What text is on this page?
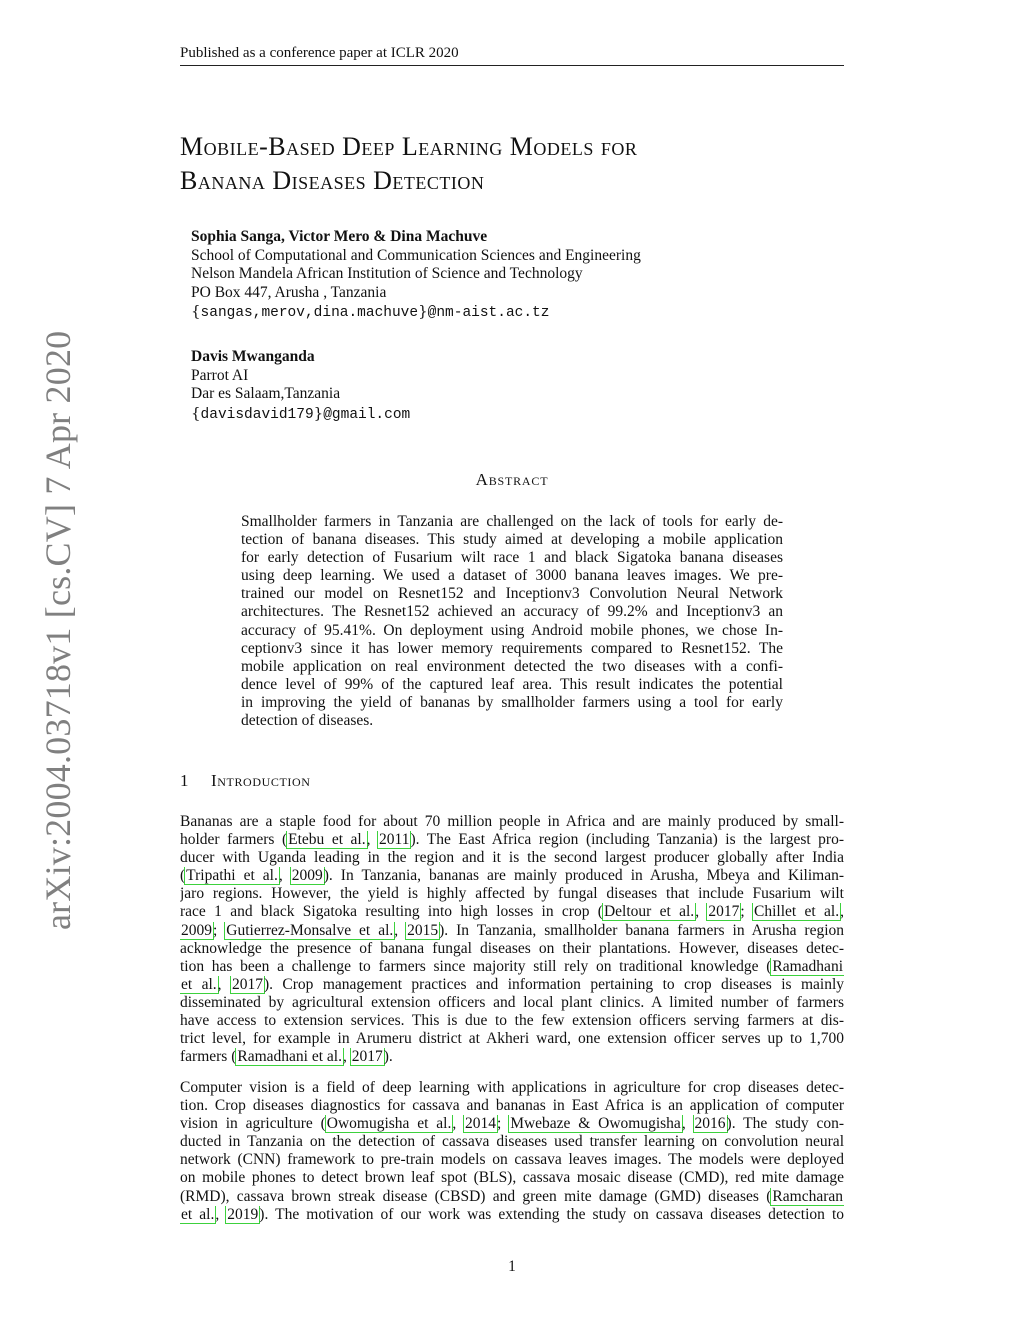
Published as a conference paper at ICLR 2020
arXiv:2004.03718v1 [cs.CV] 7 Apr 2020
Mobile-Based Deep Learning Models for
Banana Diseases Detection
Sophia Sanga, Victor Mero & Dina Machuve
School of Computational and Communication Sciences and Engineering
Nelson Mandela African Institution of Science and Technology
PO Box 447, Arusha , Tanzania
{sangas,merov,dina.machuve}@nm-aist.ac.tz
Davis Mwanganda
Parrot AI
Dar es Salaam,Tanzania
{davisdavid179}@gmail.com
Abstract
Smallholder farmers in Tanzania are challenged on the lack of tools for early de-
tection of banana diseases. This study aimed at developing a mobile application
for early detection of Fusarium wilt race 1 and black Sigatoka banana diseases
using deep learning. We used a dataset of 3000 banana leaves images. We pre-
trained our model on Resnet152 and Inceptionv3 Convolution Neural Network
architectures. The Resnet152 achieved an accuracy of 99.2% and Inceptionv3 an
accuracy of 95.41%. On deployment using Android mobile phones, we chose In-
ceptionv3 since it has lower memory requirements compared to Resnet152. The
mobile application on real environment detected the two diseases with a confi-
dence level of 99% of the captured leaf area. This result indicates the potential
in improving the yield of bananas by smallholder farmers using a tool for early
detection of diseases.
1 Introduction
Bananas are a staple food for about 70 million people in Africa and are mainly produced by small-
holder farmers (Etebu et al., 2011). The East Africa region (including Tanzania) is the largest pro-
ducer with Uganda leading in the region and it is the second largest producer globally after India
(Tripathi et al., 2009). In Tanzania, bananas are mainly produced in Arusha, Mbeya and Kiliman-
jaro regions. However, the yield is highly affected by fungal diseases that include Fusarium wilt
race 1 and black Sigatoka resulting into high losses in crop (Deltour et al., 2017; Chillet et al.,
2009; Gutierrez-Monsalve et al., 2015). In Tanzania, smallholder banana farmers in Arusha region
acknowledge the presence of banana fungal diseases on their plantations. However, diseases detec-
tion has been a challenge to farmers since majority still rely on traditional knowledge (Ramadhani
et al., 2017). Crop management practices and information pertaining to crop diseases is mainly
disseminated by agricultural extension officers and local plant clinics. A limited number of farmers
have access to extension services. This is due to the few extension officers serving farmers at dis-
trict level, for example in Arumeru district at Akheri ward, one extension officer serves up to 1,700
farmers (Ramadhani et al., 2017).
Computer vision is a field of deep learning with applications in agriculture for crop diseases detec-
tion. Crop diseases diagnostics for cassava and bananas in East Africa is an application of computer
vision in agriculture (Owomugisha et al., 2014; Mwebaze & Owomugisha, 2016). The study con-
ducted in Tanzania on the detection of cassava diseases used transfer learning on convolution neural
network (CNN) framework to pre-train models on cassava leaves images. The models were deployed
on mobile phones to detect brown leaf spot (BLS), cassava mosaic disease (CMD), red mite damage
(RMD), cassava brown streak disease (CBSD) and green mite damage (GMD) diseases (Ramcharan
et al., 2019). The motivation of our work was extending the study on cassava diseases detection to
1
